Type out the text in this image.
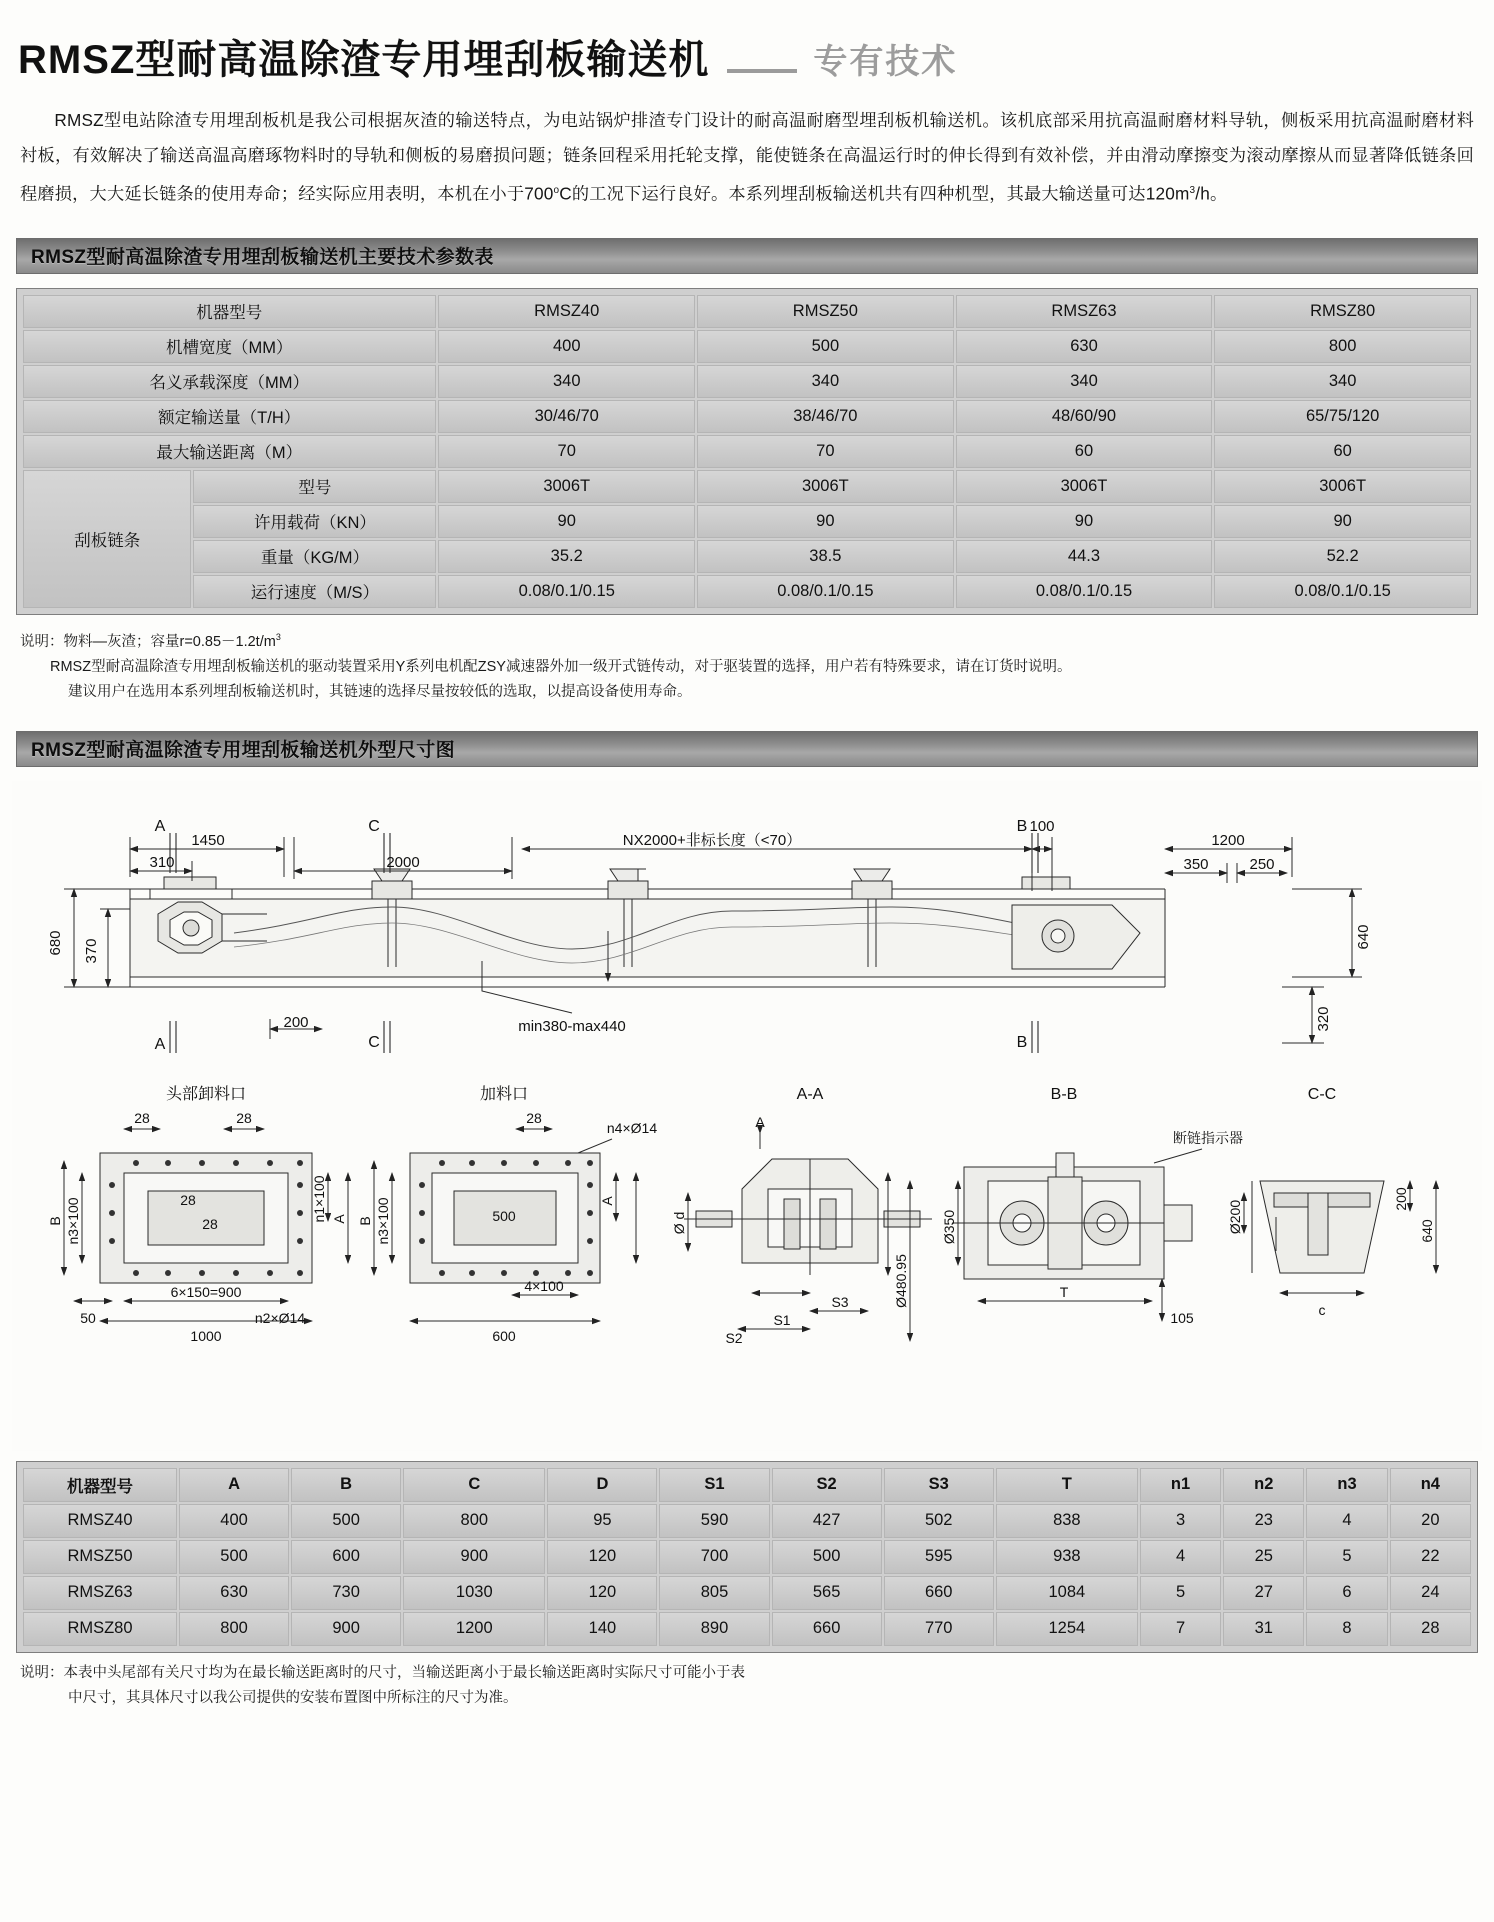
RMSZ型耐高温除渣专用埋刮板输送机	专有技术
RMSZ型电站除渣专用埋刮板机是我公司根据灰渣的输送特点，为电站锅炉排渣专门设计的耐高温耐磨型埋刮板机输送机。该机底部采用抗高温耐磨材料导轨，侧板采用抗高温耐磨材料衬板，有效解决了输送高温高磨琢物料时的导轨和侧板的易磨损问题；链条回程采用托轮支撑，能使链条在高温运行时的伸长得到有效补偿，并由滑动摩擦变为滚动摩擦从而显著降低链条回程磨损，大大延长链条的使用寿命；经实际应用表明，本机在小于700$^o$C的工况下运行良好。本系列埋刮板输送机共有四种机型，其最大输送量可达$120m^3/h$。
RMSZ型耐高温除渣专用埋刮板输送机主要技术参数表
机器型号		RMSZ40	RMSZ50	RMSZ63	RMSZ80
机槽宽度（MM）		400	500	630	800
名义承载深度（MM）		340	340	340	340
额定输送量（T/H）		30/46/70	38/46/70	48/60/90	65/75/120
最大输送距离（M）		70	70	60	60
刮板链条	型号	3006T	3006T	3006T	3006T
	许用载荷（KN）	90	90	90	90
	重量（KG/M）	35.2	38.5	44.3	52.2
	运行速度（M/S）	0.08/0.1/0.15	0.08/0.1/0.15	0.08/0.1/0.15	0.08/0.1/0.15
说明：物料—灰渣；容量$r=0.85-1.2t/m^3$
RMSZ型耐高温除渣专用埋刮板输送机的驱动装置采用Y系列电机配ZSY减速器外加一级开式链传动，对于驱装置的选择，用户若有特殊要求，请在订货时说明。
建议用户在选用本系列埋刮板输送机时，其链速的选择尽量按较低的选取，以提高设备使用寿命。
RMSZ型耐高温除渣专用埋刮板输送机外型尺寸图
1450
310	2000
NX2000+非标长度（<70）
100
1200
350	250
200	min380-max440
680 370
640
320
A
A
C
C
B
B
头部卸料口	加料口	A-A	B-B	C-C
28	28
28
28
n3×100
B	n1×100 A
6×150=900
1000
50	n2×Ø14
28
n4×Ø14
n3×100
B
A
500
4×100
600
A
Ø d
S3
S1
S2
Ø480.95
Ø350
T
105
断链指示器
Ø200
200
640
c
机器型号	A	B	C	D	S1	S2	S3	T	n1	n2	n3	n4
RMSZ40	400	500	800	95	590	427	502	838	3	23	4	20
RMSZ50	500	600	900	120	700	500	595	938	4	25	5	22
RMSZ63	630	730	1030	120	805	565	660	1084	5	27	6	24
RMSZ80	800	900	1200	140	890	660	770	1254	7	31	8	28
说明：本表中头尾部有关尺寸均为在最长输送距离时的尺寸，当输送距离小于最长输送距离时实际尺寸可能小于表
中尺寸，其具体尺寸以我公司提供的安装布置图中所标注的尺寸为准。
